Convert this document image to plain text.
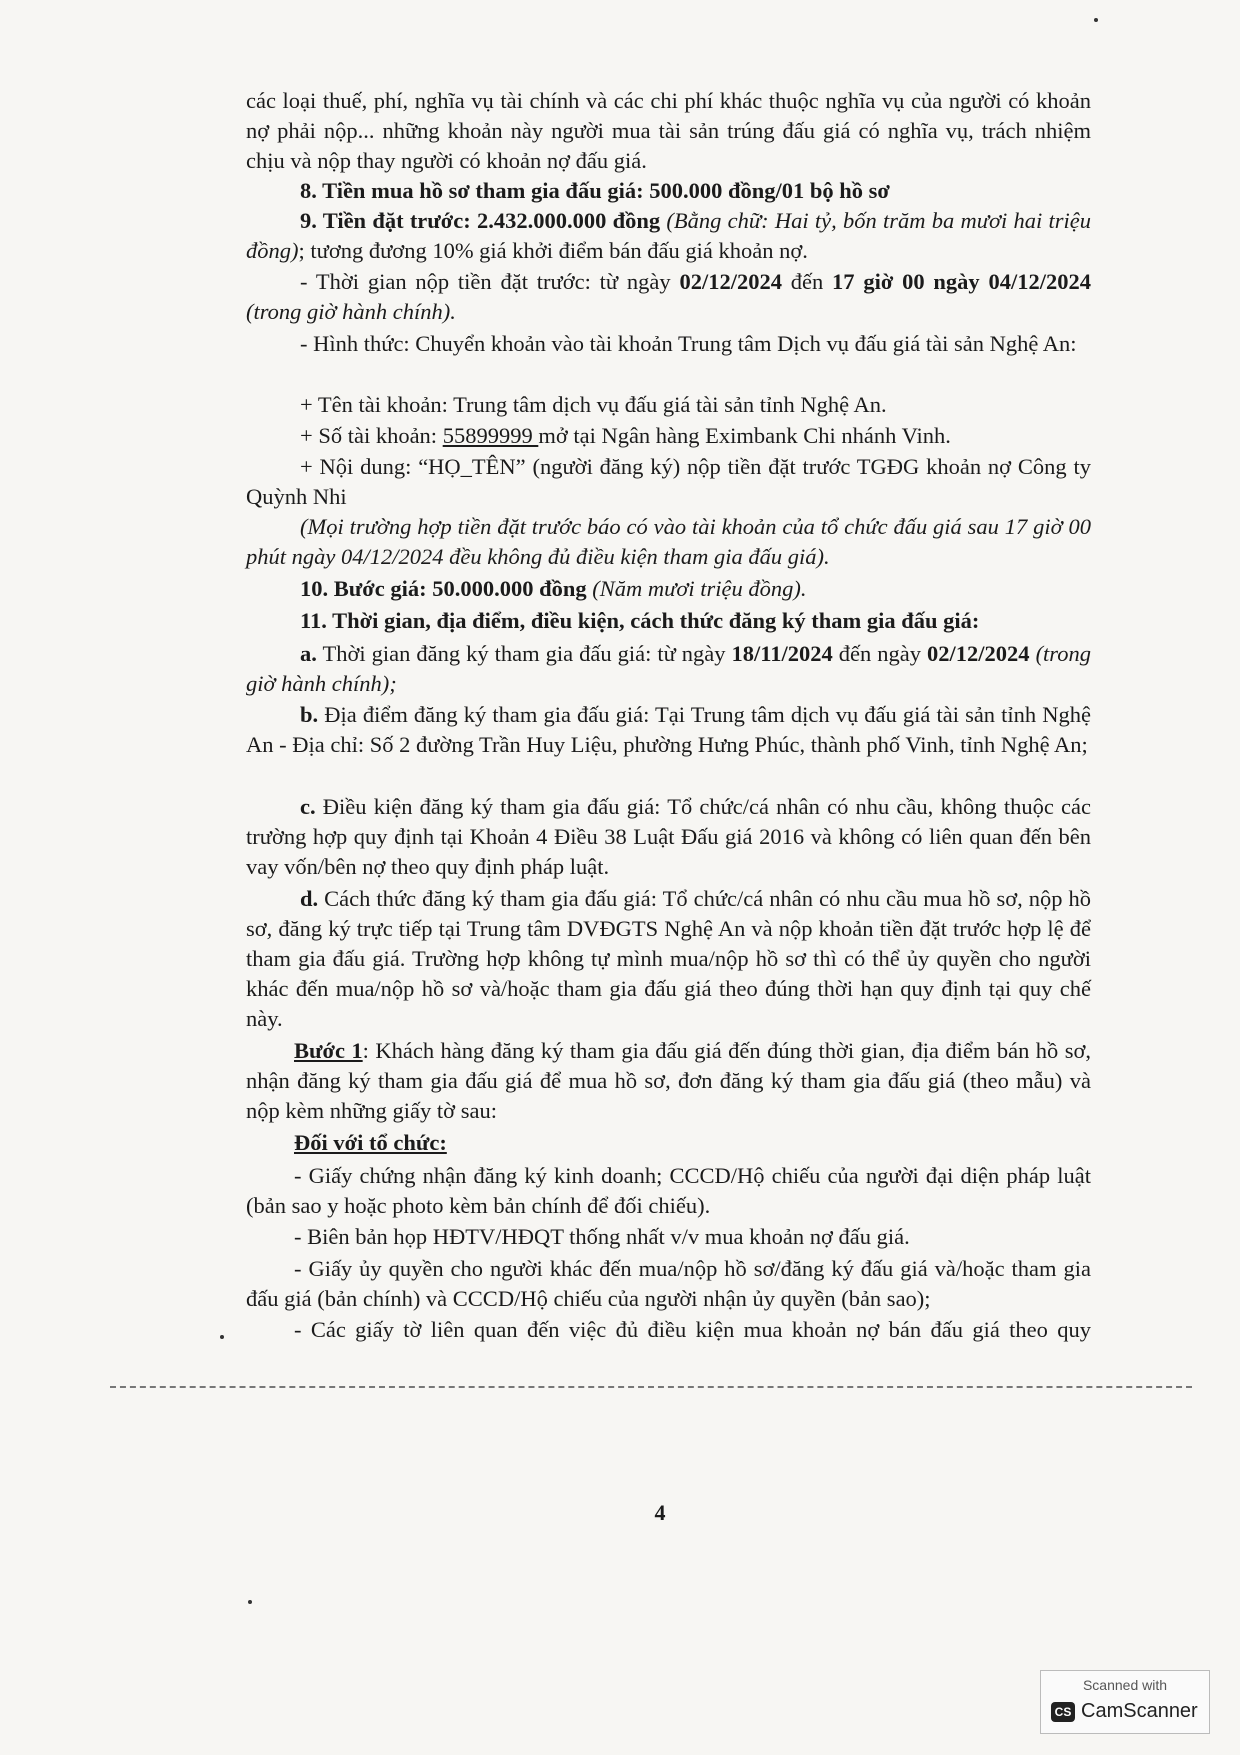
các loại thuế, phí, nghĩa vụ tài chính và các chi phí khác thuộc nghĩa vụ của người có khoản nợ phải nộp... những khoản này người mua tài sản trúng đấu giá có nghĩa vụ, trách nhiệm chịu và nộp thay người có khoản nợ đấu giá.

8. Tiền mua hồ sơ tham gia đấu giá: 500.000 đồng/01 bộ hồ sơ

9. Tiền đặt trước: 2.432.000.000 đồng (Bằng chữ: Hai tỷ, bốn trăm ba mươi hai triệu đồng); tương đương 10% giá khởi điểm bán đấu giá khoản nợ.

- Thời gian nộp tiền đặt trước: từ ngày 02/12/2024 đến 17 giờ 00 ngày 04/12/2024 (trong giờ hành chính).

- Hình thức: Chuyển khoản vào tài khoản Trung tâm Dịch vụ đấu giá tài sản Nghệ An:

+ Tên tài khoản: Trung tâm dịch vụ đấu giá tài sản tỉnh Nghệ An.

+ Số tài khoản: 55899999 mở tại Ngân hàng Eximbank Chi nhánh Vinh.

+ Nội dung: “HỌ_TÊN” (người đăng ký) nộp tiền đặt trước TGĐG khoản nợ Công ty Quỳnh Nhi

(Mọi trường hợp tiền đặt trước báo có vào tài khoản của tổ chức đấu giá sau 17 giờ 00 phút ngày 04/12/2024 đều không đủ điều kiện tham gia đấu giá).

10. Bước giá: 50.000.000 đồng (Năm mươi triệu đồng).

11. Thời gian, địa điểm, điều kiện, cách thức đăng ký tham gia đấu giá:

a. Thời gian đăng ký tham gia đấu giá: từ ngày 18/11/2024 đến ngày 02/12/2024 (trong giờ hành chính);

b. Địa điểm đăng ký tham gia đấu giá: Tại Trung tâm dịch vụ đấu giá tài sản tỉnh Nghệ An - Địa chỉ: Số 2 đường Trần Huy Liệu, phường Hưng Phúc, thành phố Vinh, tỉnh Nghệ An;

c. Điều kiện đăng ký tham gia đấu giá: Tổ chức/cá nhân có nhu cầu, không thuộc các trường hợp quy định tại Khoản 4 Điều 38 Luật Đấu giá 2016 và không có liên quan đến bên vay vốn/bên nợ theo quy định pháp luật.

d. Cách thức đăng ký tham gia đấu giá: Tổ chức/cá nhân có nhu cầu mua hồ sơ, nộp hồ sơ, đăng ký trực tiếp tại Trung tâm DVĐGTS Nghệ An và nộp khoản tiền đặt trước hợp lệ để tham gia đấu giá. Trường hợp không tự mình mua/nộp hồ sơ thì có thể ủy quyền cho người khác đến mua/nộp hồ sơ và/hoặc tham gia đấu giá theo đúng thời hạn quy định tại quy chế này.

Bước 1: Khách hàng đăng ký tham gia đấu giá đến đúng thời gian, địa điểm bán hồ sơ, nhận đăng ký tham gia đấu giá để mua hồ sơ, đơn đăng ký tham gia đấu giá (theo mẫu) và nộp kèm những giấy tờ sau:

Đối với tổ chức:

- Giấy chứng nhận đăng ký kinh doanh; CCCD/Hộ chiếu của người đại diện pháp luật (bản sao y hoặc photo kèm bản chính để đối chiếu).

- Biên bản họp HĐTV/HĐQT thống nhất v/v mua khoản nợ đấu giá.

- Giấy ủy quyền cho người khác đến mua/nộp hồ sơ/đăng ký đấu giá và/hoặc tham gia đấu giá (bản chính) và CCCD/Hộ chiếu của người nhận ủy quyền (bản sao);

- Các giấy tờ liên quan đến việc đủ điều kiện mua khoản nợ bán đấu giá theo quy

4
Scanned with
CS CamScanner
